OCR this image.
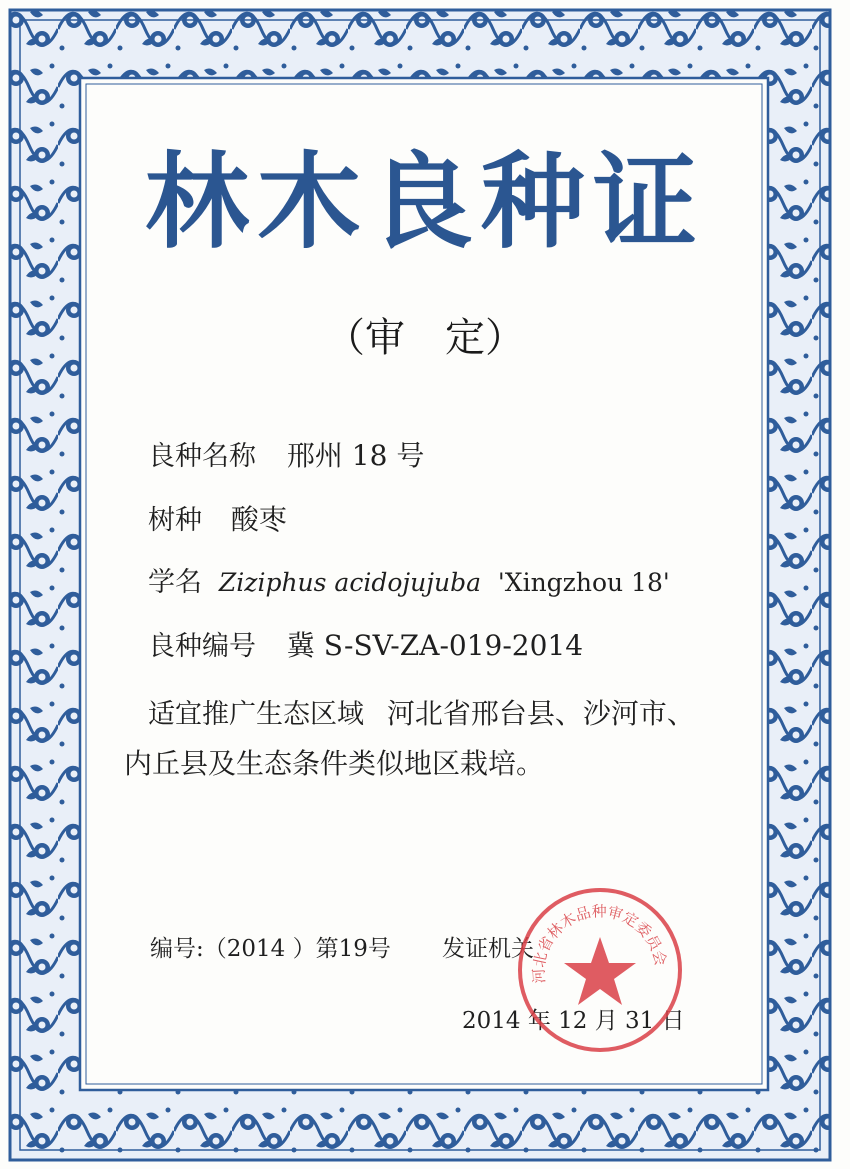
林木良种证
（审　定）
良种名称 邢州 18 号
树种 酸枣
学名 Ziziphus acidojujuba 'Xingzhou 18'
良种编号 冀 S-SV-ZA-019-2014
适宜推广生态区域 河北省邢台县、沙河市、
内丘县及生态条件类似地区栽培。
编号:（2014 ）第19号 发证机关
2014 年 12 月 31 日
河北省林木品种审定委员会
